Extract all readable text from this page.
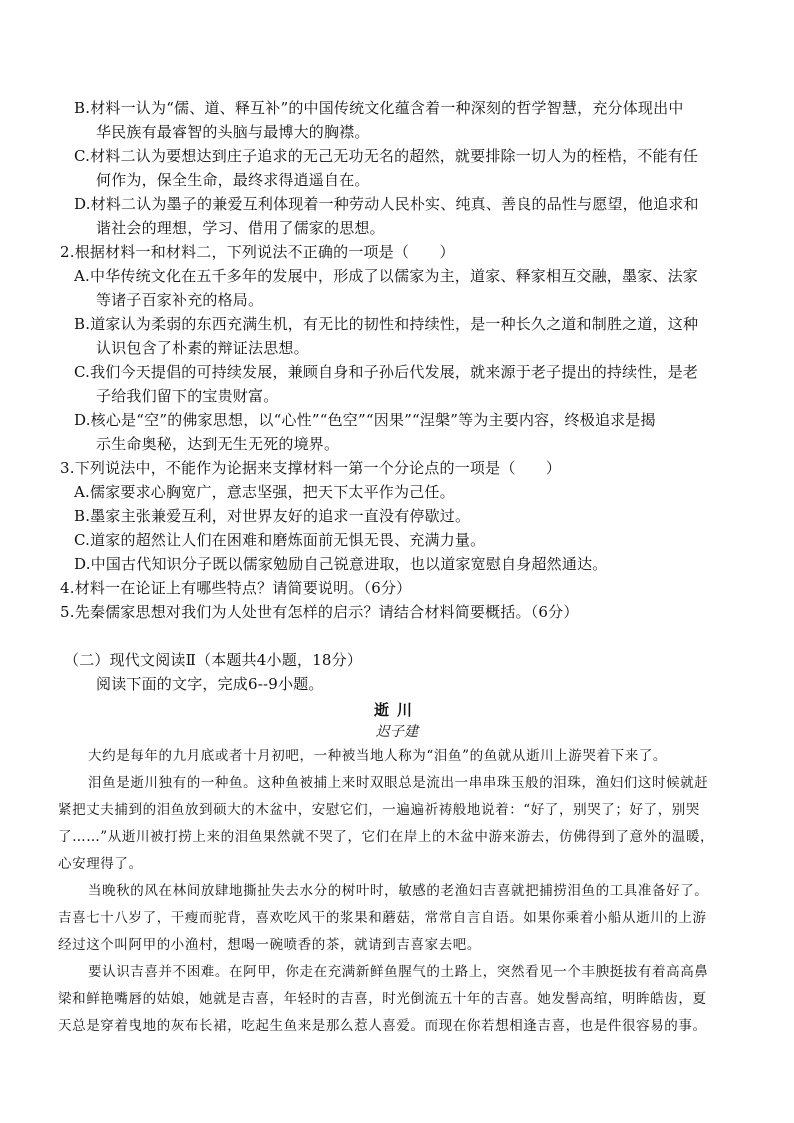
B.材料一认为“儒、道、释互补”的中国传统文化蕴含着一种深刻的哲学智慧，充分体现出中
华民族有最睿智的头脑与最博大的胸襟。
C.材料二认为要想达到庄子追求的无己无功无名的超然，就要排除一切人为的桎梏，不能有任
何作为，保全生命，最终求得逍遥自在。
D.材料二认为墨子的兼爱互利体现着一种劳动人民朴实、纯真、善良的品性与愿望，他追求和
谐社会的理想，学习、借用了儒家的思想。
2.根据材料一和材料二，下列说法不正确的一项是（　　）
A.中华传统文化在五千多年的发展中，形成了以儒家为主，道家、释家相互交融，墨家、法家
等诸子百家补充的格局。
B.道家认为柔弱的东西充满生机，有无比的韧性和持续性，是一种长久之道和制胜之道，这种
认识包含了朴素的辩证法思想。
C.我们今天提倡的可持续发展，兼顾自身和子孙后代发展，就来源于老子提出的持续性，是老
子给我们留下的宝贵财富。
D.核心是“空”的佛家思想，以“心性”“色空”“因果”“涅槃”等为主要内容，终极追求是揭
示生命奥秘，达到无生无死的境界。
3.下列说法中，不能作为论据来支撑材料一第一个分论点的一项是（　　）
A.儒家要求心胸宽广，意志坚强，把天下太平作为己任。
B.墨家主张兼爱互利，对世界友好的追求一直没有停歇过。
C.道家的超然让人们在困难和磨炼面前无惧无畏、充满力量。
D.中国古代知识分子既以儒家勉励自己锐意进取，也以道家宽慰自身超然通达。
4.材料一在论证上有哪些特点？请简要说明。（6分）
5.先秦儒家思想对我们为人处世有怎样的启示？请结合材料简要概括。（6分）
（二）现代文阅读Ⅱ（本题共4小题，18分）
阅读下面的文字，完成6--9小题。
逝川
迟子建
大约是每年的九月底或者十月初吧，一种被当地人称为“泪鱼”的鱼就从逝川上游哭着下来了。
泪鱼是逝川独有的一种鱼。这种鱼被捕上来时双眼总是流出一串串珠玉般的泪珠，渔妇们这时候就赶
紧把丈夫捕到的泪鱼放到硕大的木盆中，安慰它们，一遍遍祈祷般地说着：“好了，别哭了；好了，别哭
了……”从逝川被打捞上来的泪鱼果然就不哭了，它们在岸上的木盆中游来游去，仿佛得到了意外的温暖，
心安理得了。
当晚秋的风在林间放肆地撕扯失去水分的树叶时，敏感的老渔妇吉喜就把捕捞泪鱼的工具准备好了。
吉喜七十八岁了，干瘦而驼背，喜欢吃风干的浆果和蘑菇，常常自言自语。如果你乘着小船从逝川的上游
经过这个叫阿甲的小渔村，想喝一碗喷香的茶，就请到吉喜家去吧。
要认识吉喜并不困难。在阿甲，你走在充满新鲜鱼腥气的土路上，突然看见一个丰腴挺拔有着高高鼻
梁和鲜艳嘴唇的姑娘，她就是吉喜，年轻时的吉喜，时光倒流五十年的吉喜。她发髻高绾，明眸皓齿，夏
天总是穿着曳地的灰布长裙，吃起生鱼来是那么惹人喜爱。而现在你若想相逢吉喜，也是件很容易的事。
